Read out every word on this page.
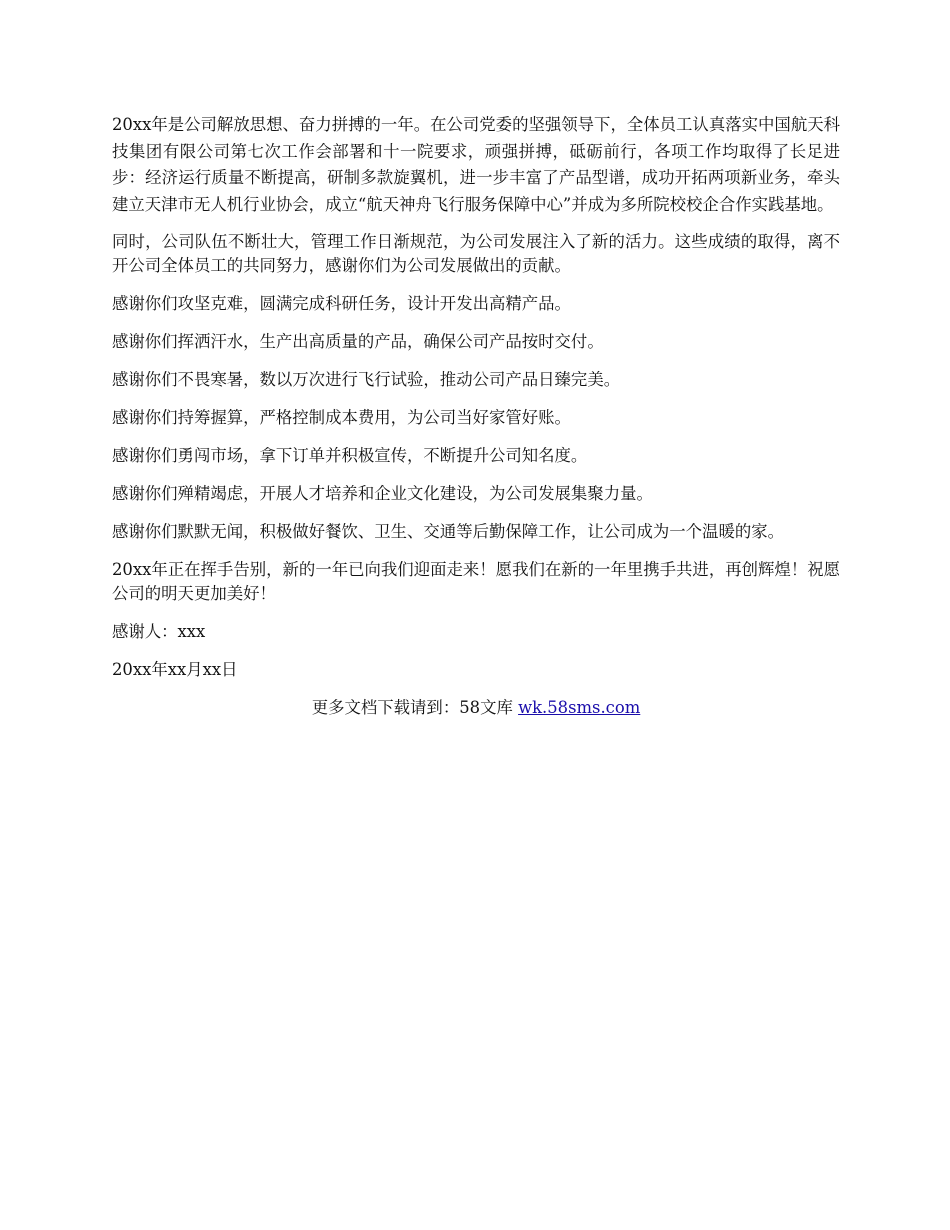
20xx年是公司解放思想、奋力拼搏的一年。在公司党委的坚强领导下，全体员工认真落实中国航天科技集团有限公司第七次工作会部署和十一院要求，顽强拼搏，砥砺前行，各项工作均取得了长足进步：经济运行质量不断提高，研制多款旋翼机，进一步丰富了产品型谱，成功开拓两项新业务，牵头建立天津市无人机行业协会，成立“航天神舟飞行服务保障中心”并成为多所院校校企合作实践基地。

同时，公司队伍不断壮大，管理工作日渐规范，为公司发展注入了新的活力。这些成绩的取得，离不开公司全体员工的共同努力，感谢你们为公司发展做出的贡献。

感谢你们攻坚克难，圆满完成科研任务，设计开发出高精产品。

感谢你们挥洒汗水，生产出高质量的产品，确保公司产品按时交付。

感谢你们不畏寒暑，数以万次进行飞行试验，推动公司产品日臻完美。

感谢你们持筹握算，严格控制成本费用，为公司当好家管好账。

感谢你们勇闯市场，拿下订单并积极宣传，不断提升公司知名度。

感谢你们殚精竭虑，开展人才培养和企业文化建设，为公司发展集聚力量。

感谢你们默默无闻，积极做好餐饮、卫生、交通等后勤保障工作，让公司成为一个温暖的家。

20xx年正在挥手告别，新的一年已向我们迎面走来！愿我们在新的一年里携手共进，再创辉煌！祝愿公司的明天更加美好！

感谢人：xxx

20xx年xx月xx日

更多文档下载请到：58文库 wk.58sms.com
